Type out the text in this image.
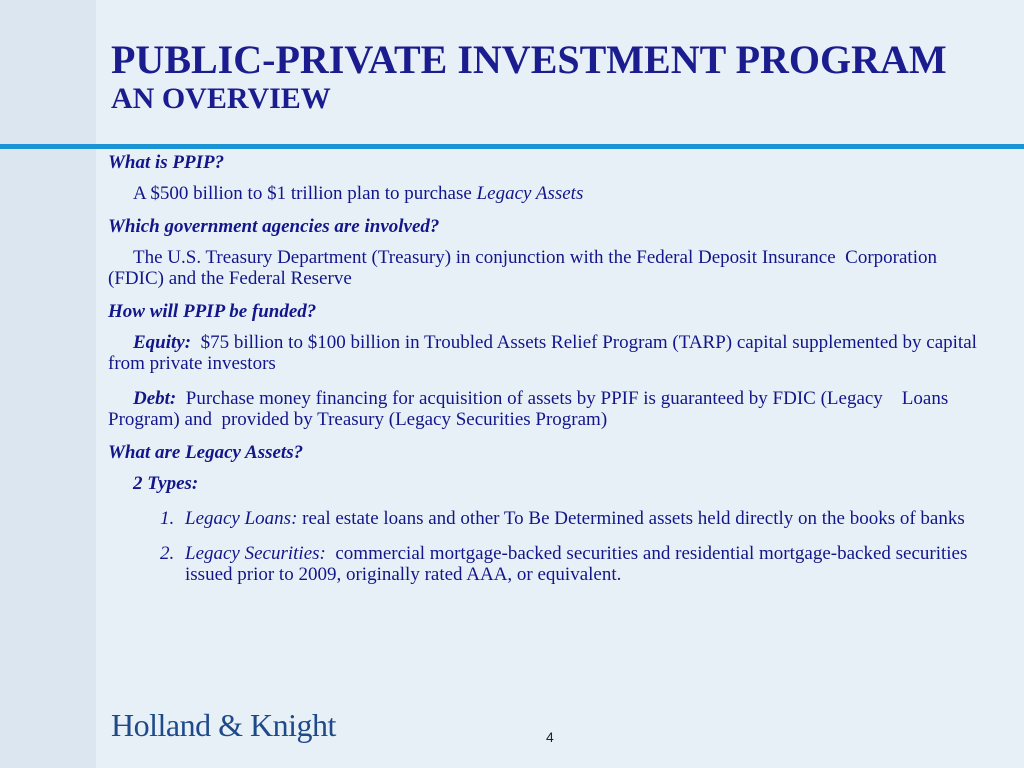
PUBLIC-PRIVATE INVESTMENT PROGRAM
AN OVERVIEW

What is PPIP?

A $500 billion to $1 trillion plan to purchase Legacy Assets

Which government agencies are involved?

The U.S. Treasury Department (Treasury) in conjunction with the Federal Deposit Insurance  Corporation (FDIC) and the Federal Reserve

How will PPIP be funded?

Equity: $75 billion to $100 billion in Troubled Assets Relief Program (TARP) capital supplemented by capital from private investors

Debt: Purchase money financing for acquisition of assets by PPIF is guaranteed by FDIC (Legacy    Loans Program) and  provided by Treasury (Legacy Securities Program)

What are Legacy Assets?

2 Types:

1. Legacy Loans: real estate loans and other To Be Determined assets held directly on the books of banks
2. Legacy Securities: commercial mortgage-backed securities and residential mortgage-backed securities issued prior to 2009, originally rated AAA, or equivalent.
Holland & Knight	4
